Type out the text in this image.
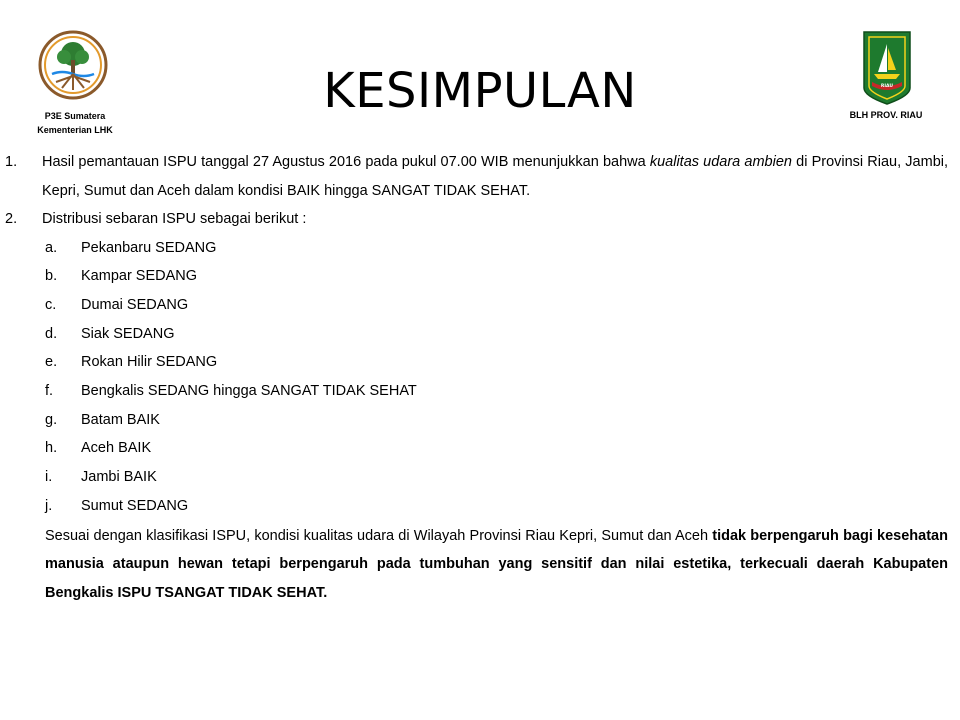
P3E Sumatera
Kementerian LHK
KESIMPULAN	RIAU
BLH PROV. RIAU
1. Hasil pemantauan ISPU tanggal 27 Agustus 2016 pada pukul 07.00 WIB menunjukkan bahwa kualitas udara ambien di Provinsi Riau, Jambi, Kepri, Sumut dan Aceh dalam kondisi BAIK hingga SANGAT TIDAK SEHAT.
2. Distribusi sebaran ISPU sebagai berikut :
a. Pekanbaru SEDANG
b. Kampar SEDANG
c. Dumai SEDANG
d. Siak SEDANG
e. Rokan Hilir SEDANG
f. Bengkalis SEDANG hingga SANGAT TIDAK SEHAT
g. Batam BAIK
h. Aceh BAIK
i. Jambi BAIK
j. Sumut SEDANG
Sesuai dengan klasifikasi ISPU, kondisi kualitas udara di Wilayah Provinsi Riau Kepri, Sumut dan Aceh tidak berpengaruh bagi kesehatan manusia ataupun hewan tetapi berpengaruh pada tumbuhan yang sensitif dan nilai estetika, terkecuali daerah Kabupaten Bengkalis ISPU TSANGAT TIDAK SEHAT.
